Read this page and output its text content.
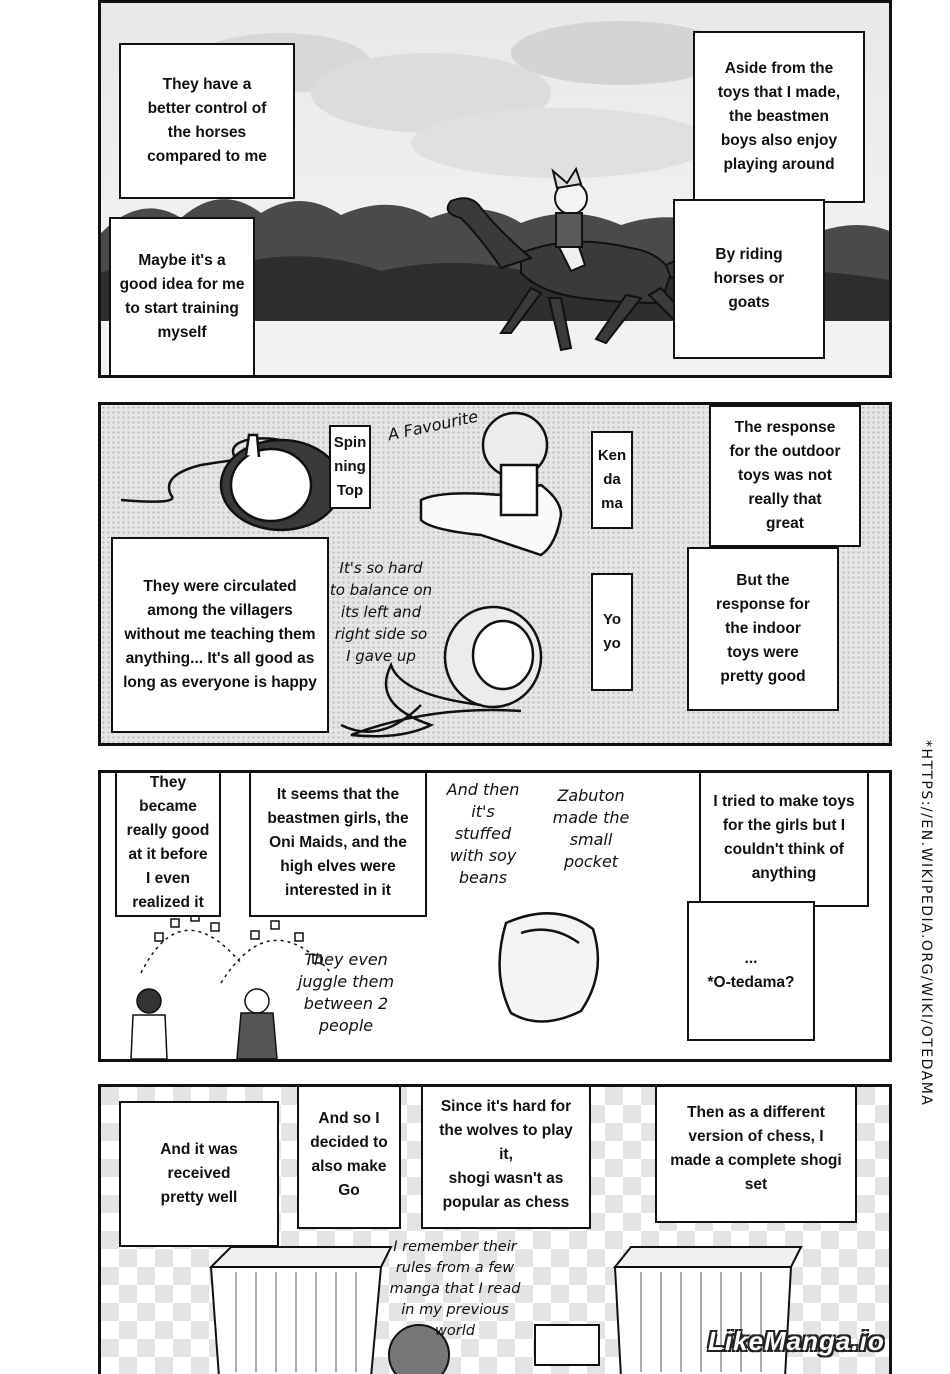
They have a
better control of
the horses
compared to me
Maybe it's a
good idea for me
to start training
myself
Aside from the
toys that I made,
the beastmen
boys also enjoy
playing around
By riding
horses or
goats
Spin
ning
Top
A Favourite
Ken
da
ma
The response
for the outdoor
toys was not
really that
great
They were circulated
among the villagers
without me teaching them
anything... It's all good as
long as everyone is happy
It's so hard
to balance on
its left and
right side so
I gave up
Yo
yo
But the
response for
the indoor
toys were
pretty good
They
became
really good
at it before
I even
realized it
It seems that the
beastmen girls, the
Oni Maids, and the
high elves were
interested in it
And then
it's
stuffed
with soy
beans
Zabuton
made the
small
pocket
I tried to make toys
for the girls but I
couldn't think of
anything
...
*O-tedama?
They even
juggle them
between 2
people
And it was
received
pretty well
And so I
decided to
also make
Go
Since it's hard for
the wolves to play it,
shogi wasn't as
popular as chess
Then as a different
version of chess, I
made a complete shogi
set
I remember their
rules from a few
manga that I read
in my previous
world
*HTTPS://EN.WIKIPEDIA.ORG/WIKI/OTEDAMA
LikeManga.io
